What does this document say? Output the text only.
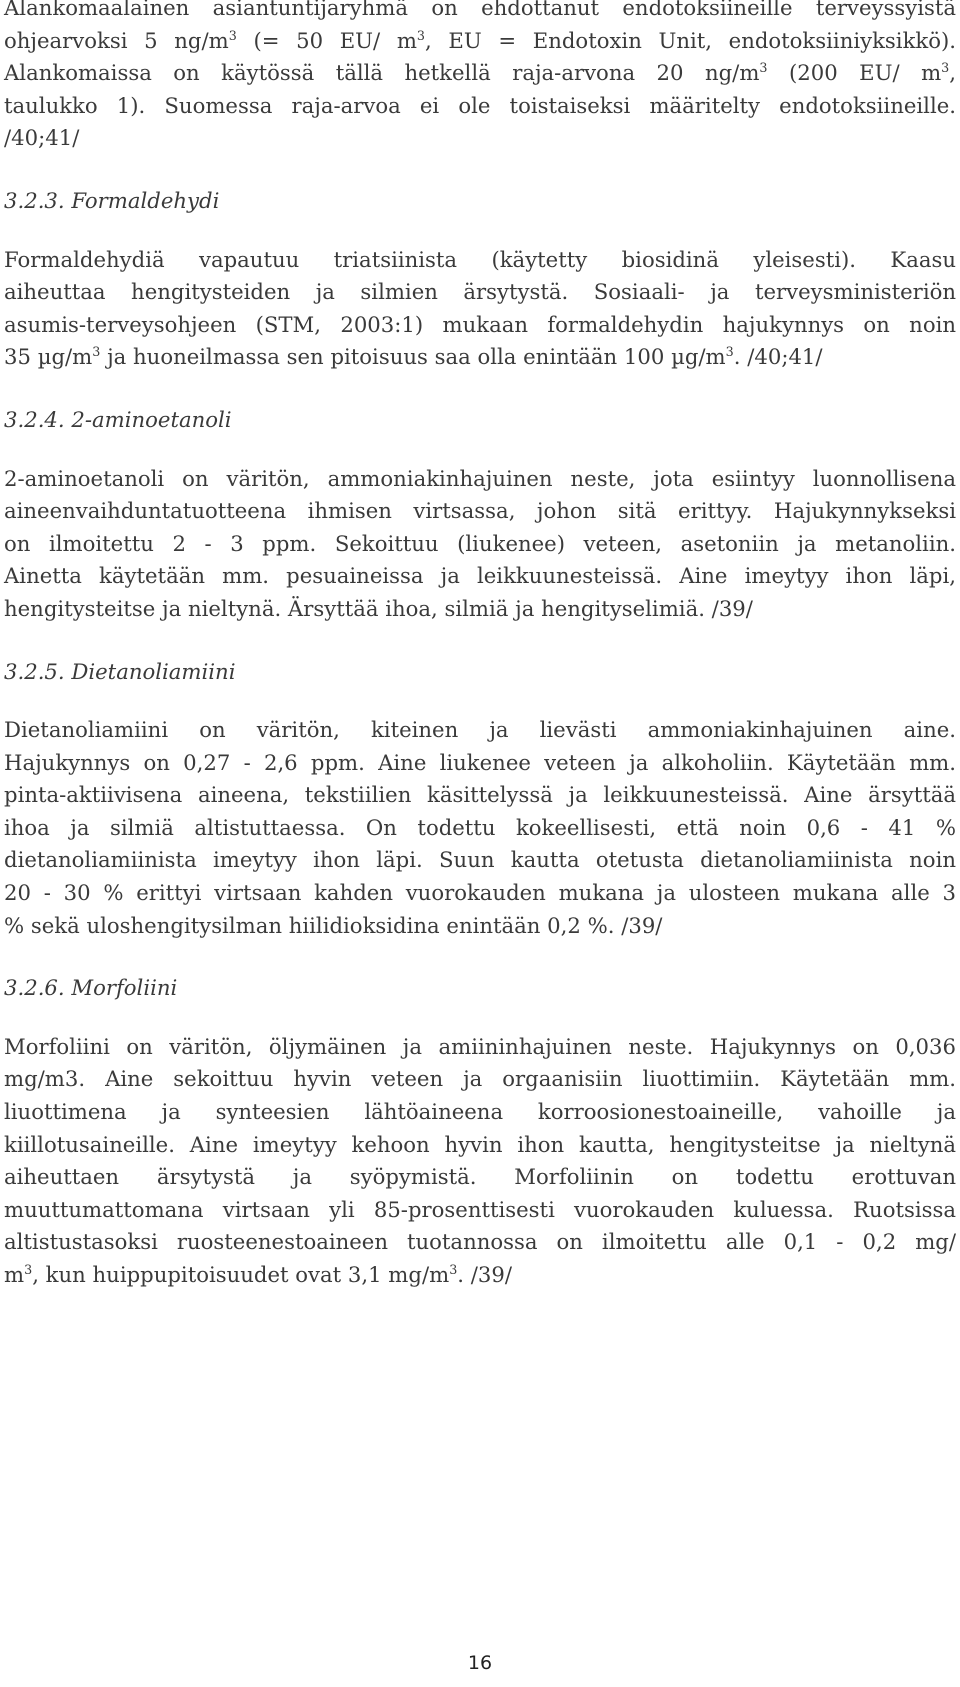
Alankomaalainen asiantuntijaryhmä on ehdottanut endotoksiineille terveyssyistä
ohjearvoksi 5 $ng/m^3$ (= 50 EU/ $m^3$, EU = Endotoxin Unit, endotoksiiniyksikkö).
Alankomaissa on käytössä tällä hetkellä raja-arvona 20 $ng/m^3$ (200 EU/ $m^3$,
taulukko 1). Suomessa raja-arvoa ei ole toistaiseksi määritelty endotoksiineille.
/40;41/

3.2.3. Formaldehydi

Formaldehydiä vapautuu triatsiinista (käytetty biosidinä yleisesti). Kaasu
aiheuttaa hengitysteiden ja silmien ärsytystä. Sosiaali- ja terveysministeriön
asumis-terveysohjeen (STM, 2003:1) mukaan formaldehydin hajukynnys on noin
35 $\mu g/m^3$ ja huoneilmassa sen pitoisuus saa olla enintään 100 $\mu g/m^3$. /40;41/

3.2.4. 2-aminoetanoli

2-aminoetanoli on väritön, ammoniakinhajuinen neste, jota esiintyy luonnollisena
aineenvaihduntatuotteena ihmisen virtsassa, johon sitä erittyy. Hajukynnykseksi
on ilmoitettu 2 - 3 ppm. Sekoittuu (liukenee) veteen, asetoniin ja metanoliin.
Ainetta käytetään mm. pesuaineissa ja leikkuunesteissä. Aine imeytyy ihon läpi,
hengitysteitse ja nieltynä. Ärsyttää ihoa, silmiä ja hengityselimiä. /39/

3.2.5. Dietanoliamiini

Dietanoliamiini on väritön, kiteinen ja lievästi ammoniakinhajuinen aine.
Hajukynnys on 0,27 - 2,6 ppm. Aine liukenee veteen ja alkoholiin. Käytetään mm.
pinta-aktiivisena aineena, tekstiilien käsittelyssä ja leikkuunesteissä. Aine ärsyttää
ihoa ja silmiä altistuttaessa. On todettu kokeellisesti, että noin 0,6 - 41 %
dietanoliamiinista imeytyy ihon läpi. Suun kautta otetusta dietanoliamiinista noin
20 - 30 % erittyi virtsaan kahden vuorokauden mukana ja ulosteen mukana alle 3
% sekä uloshengitysilman hiilidioksidina enintään 0,2 %. /39/

3.2.6. Morfoliini

Morfoliini on väritön, öljymäinen ja amiininhajuinen neste. Hajukynnys on 0,036
mg/m3. Aine sekoittuu hyvin veteen ja orgaanisiin liuottimiin. Käytetään mm.
liuottimena ja synteesien lähtöaineena korroosionestoaineille, vahoille ja
kiillotusaineille. Aine imeytyy kehoon hyvin ihon kautta, hengitysteitse ja nieltynä
aiheuttaen ärsytystä ja syöpymistä. Morfoliinin on todettu erottuvan
muuttumattomana virtsaan yli 85-prosenttisesti vuorokauden kuluessa. Ruotsissa
altistustasoksi ruosteenestoaineen tuotannossa on ilmoitettu alle 0,1 - 0,2 mg/
$m^3$, kun huippupitoisuudet ovat 3,1 $mg/m^3$. /39/

16
